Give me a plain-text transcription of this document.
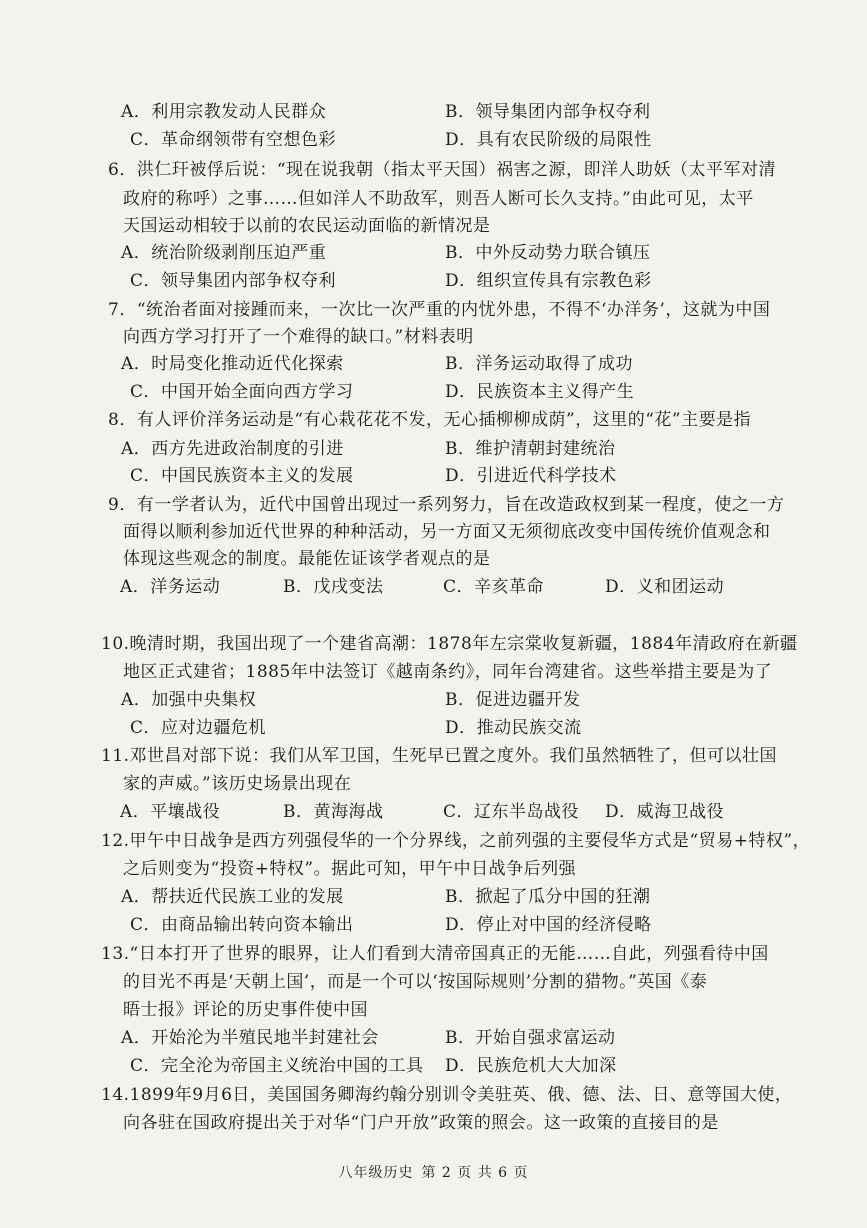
A．利用宗教发动人民群众	B．领导集团内部争权夺利
C．革命纲领带有空想色彩	D．具有农民阶级的局限性
6．洪仁玕被俘后说：“现在说我朝（指太平天国）祸害之源，即洋人助妖（太平军对清
政府的称呼）之事……但如洋人不助敌军，则吾人断可长久支持。”由此可见，太平
天国运动相较于以前的农民运动面临的新情况是
A．统治阶级剥削压迫严重	B．中外反动势力联合镇压
C．领导集团内部争权夺利	D．组织宣传具有宗教色彩
7．“统治者面对接踵而来，一次比一次严重的内忧外患，不得不‘办洋务’，这就为中国
向西方学习打开了一个难得的缺口。”材料表明
A．时局变化推动近代化探索	B．洋务运动取得了成功
C．中国开始全面向西方学习	D．民族资本主义得产生
8．有人评价洋务运动是“有心栽花花不发，无心插柳柳成荫”，这里的“花”主要是指
A．西方先进政治制度的引进	B．维护清朝封建统治
C．中国民族资本主义的发展	D．引进近代科学技术
9．有一学者认为，近代中国曾出现过一系列努力，旨在改造政权到某一程度，使之一方
面得以顺利参加近代世界的种种活动，另一方面又无须彻底改变中国传统价值观念和
体现这些观念的制度。最能佐证该学者观点的是
A．洋务运动	B．戊戌变法	C．辛亥革命	D．义和团运动
10.晚清时期，我国出现了一个建省高潮：1878年左宗棠收复新疆，1884年清政府在新疆
地区正式建省；1885年中法签订《越南条约》，同年台湾建省。这些举措主要是为了
A．加强中央集权	B．促进边疆开发
C．应对边疆危机	D．推动民族交流
11.邓世昌对部下说：我们从军卫国，生死早已置之度外。我们虽然牺牲了，但可以壮国
家的声威。”该历史场景出现在
A．平壤战役	B．黄海海战	C．辽东半岛战役 D．威海卫战役
12.甲午中日战争是西方列强侵华的一个分界线，之前列强的主要侵华方式是“贸易+特权”，
之后则变为“投资+特权”。据此可知，甲午中日战争后列强
A．帮扶近代民族工业的发展	B．掀起了瓜分中国的狂潮
C．由商品输出转向资本输出	D．停止对中国的经济侵略
13.“日本打开了世界的眼界，让人们看到大清帝国真正的无能……自此，列强看待中国
的目光不再是‘天朝上国’，而是一个可以‘按国际规则’分割的猎物。”英国《泰
晤士报》评论的历史事件使中国
A．开始沦为半殖民地半封建社会	B．开始自强求富运动
C．完全沦为帝国主义统治中国的工具 D．民族危机大大加深
14.1899年9月6日，美国国务卿海约翰分别训令美驻英、俄、德、法、日、意等国大使，
向各驻在国政府提出关于对华“门户开放”政策的照会。这一政策的直接目的是
八年级历史 第 2 页 共 6 页
